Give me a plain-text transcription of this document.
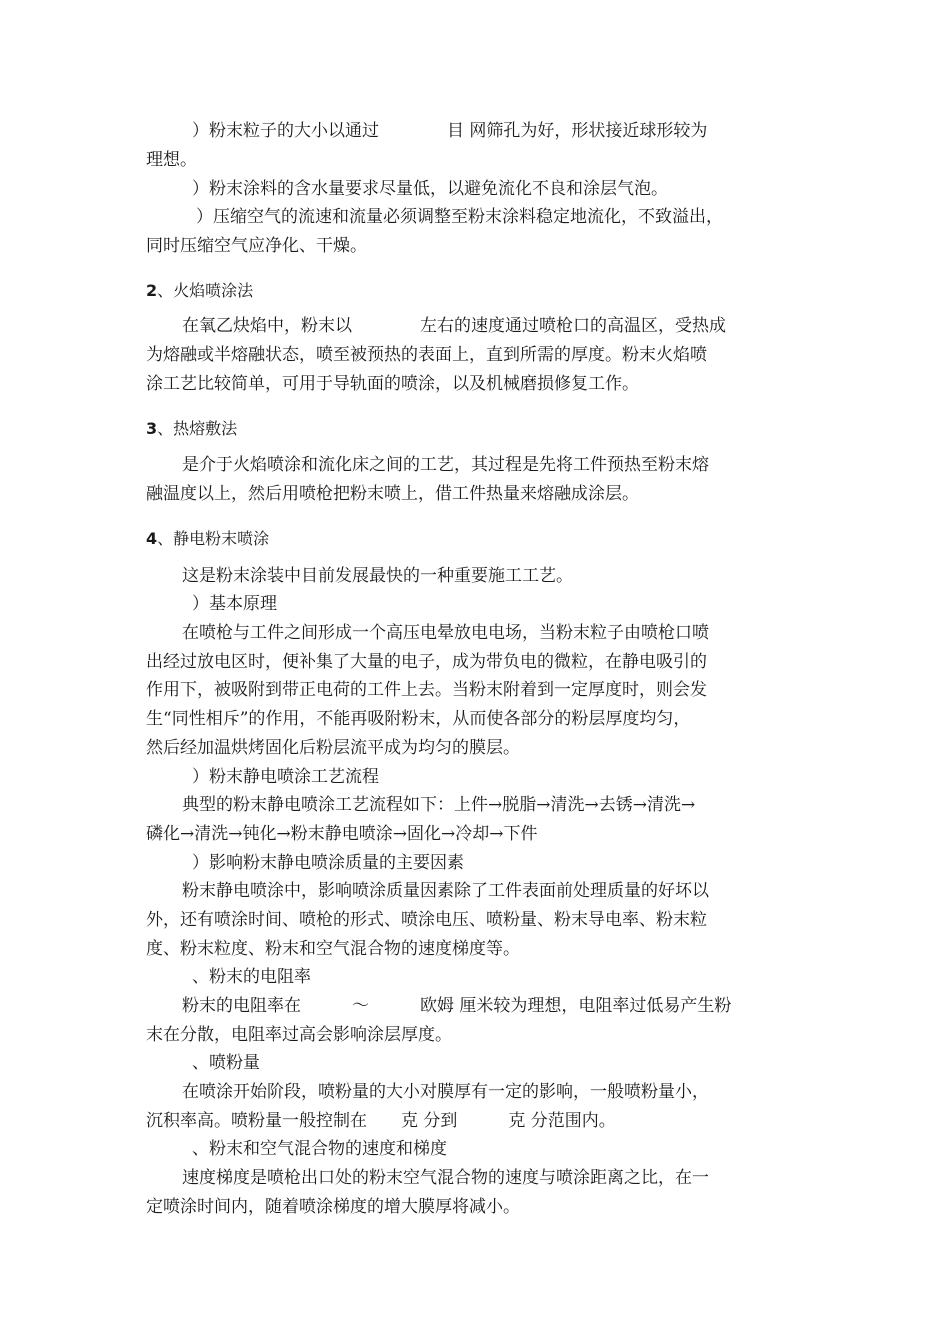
）粉末粒子的大小以通过　　　　目 网筛孔为好，形状接近球形较为
理想。
）粉末涂料的含水量要求尽量低，以避免流化不良和涂层气泡。
）压缩空气的流速和流量必须调整至粉末涂料稳定地流化，不致溢出，
同时压缩空气应净化、干燥。
2、火焰喷涂法
在氧乙炔焰中，粉末以　　　　左右的速度通过喷枪口的高温区，受热成
为熔融或半熔融状态，喷至被预热的表面上，直到所需的厚度。粉末火焰喷
涂工艺比较简单，可用于导轨面的喷涂，以及机械磨损修复工作。
3、热熔敷法
是介于火焰喷涂和流化床之间的工艺，其过程是先将工件预热至粉末熔
融温度以上，然后用喷枪把粉末喷上，借工件热量来熔融成涂层。
4、静电粉末喷涂
这是粉末涂装中目前发展最快的一种重要施工工艺。
）基本原理
在喷枪与工件之间形成一个高压电晕放电电场，当粉末粒子由喷枪口喷
出经过放电区时，便补集了大量的电子，成为带负电的微粒，在静电吸引的
作用下，被吸附到带正电荷的工件上去。当粉末附着到一定厚度时，则会发
生“同性相斥”的作用，不能再吸附粉末，从而使各部分的粉层厚度均匀，
然后经加温烘烤固化后粉层流平成为均匀的膜层。
）粉末静电喷涂工艺流程
典型的粉末静电喷涂工艺流程如下：上件→脱脂→清洗→去锈→清洗→
磷化→清洗→钝化→粉末静电喷涂→固化→冷却→下件
）影响粉末静电喷涂质量的主要因素
粉末静电喷涂中，影响喷涂质量因素除了工件表面前处理质量的好坏以
外，还有喷涂时间、喷枪的形式、喷涂电压、喷粉量、粉末导电率、粉末粒
度、粉末粒度、粉末和空气混合物的速度梯度等。
、粉末的电阻率
粉末的电阻率在　　　～　　　欧姆 厘米较为理想，电阻率过低易产生粉
末在分散，电阻率过高会影响涂层厚度。
、喷粉量
在喷涂开始阶段，喷粉量的大小对膜厚有一定的影响，一般喷粉量小，
沉积率高。喷粉量一般控制在　　克 分到　　　克 分范围内。
、粉末和空气混合物的速度和梯度
速度梯度是喷枪出口处的粉末空气混合物的速度与喷涂距离之比，在一
定喷涂时间内，随着喷涂梯度的增大膜厚将减小。
